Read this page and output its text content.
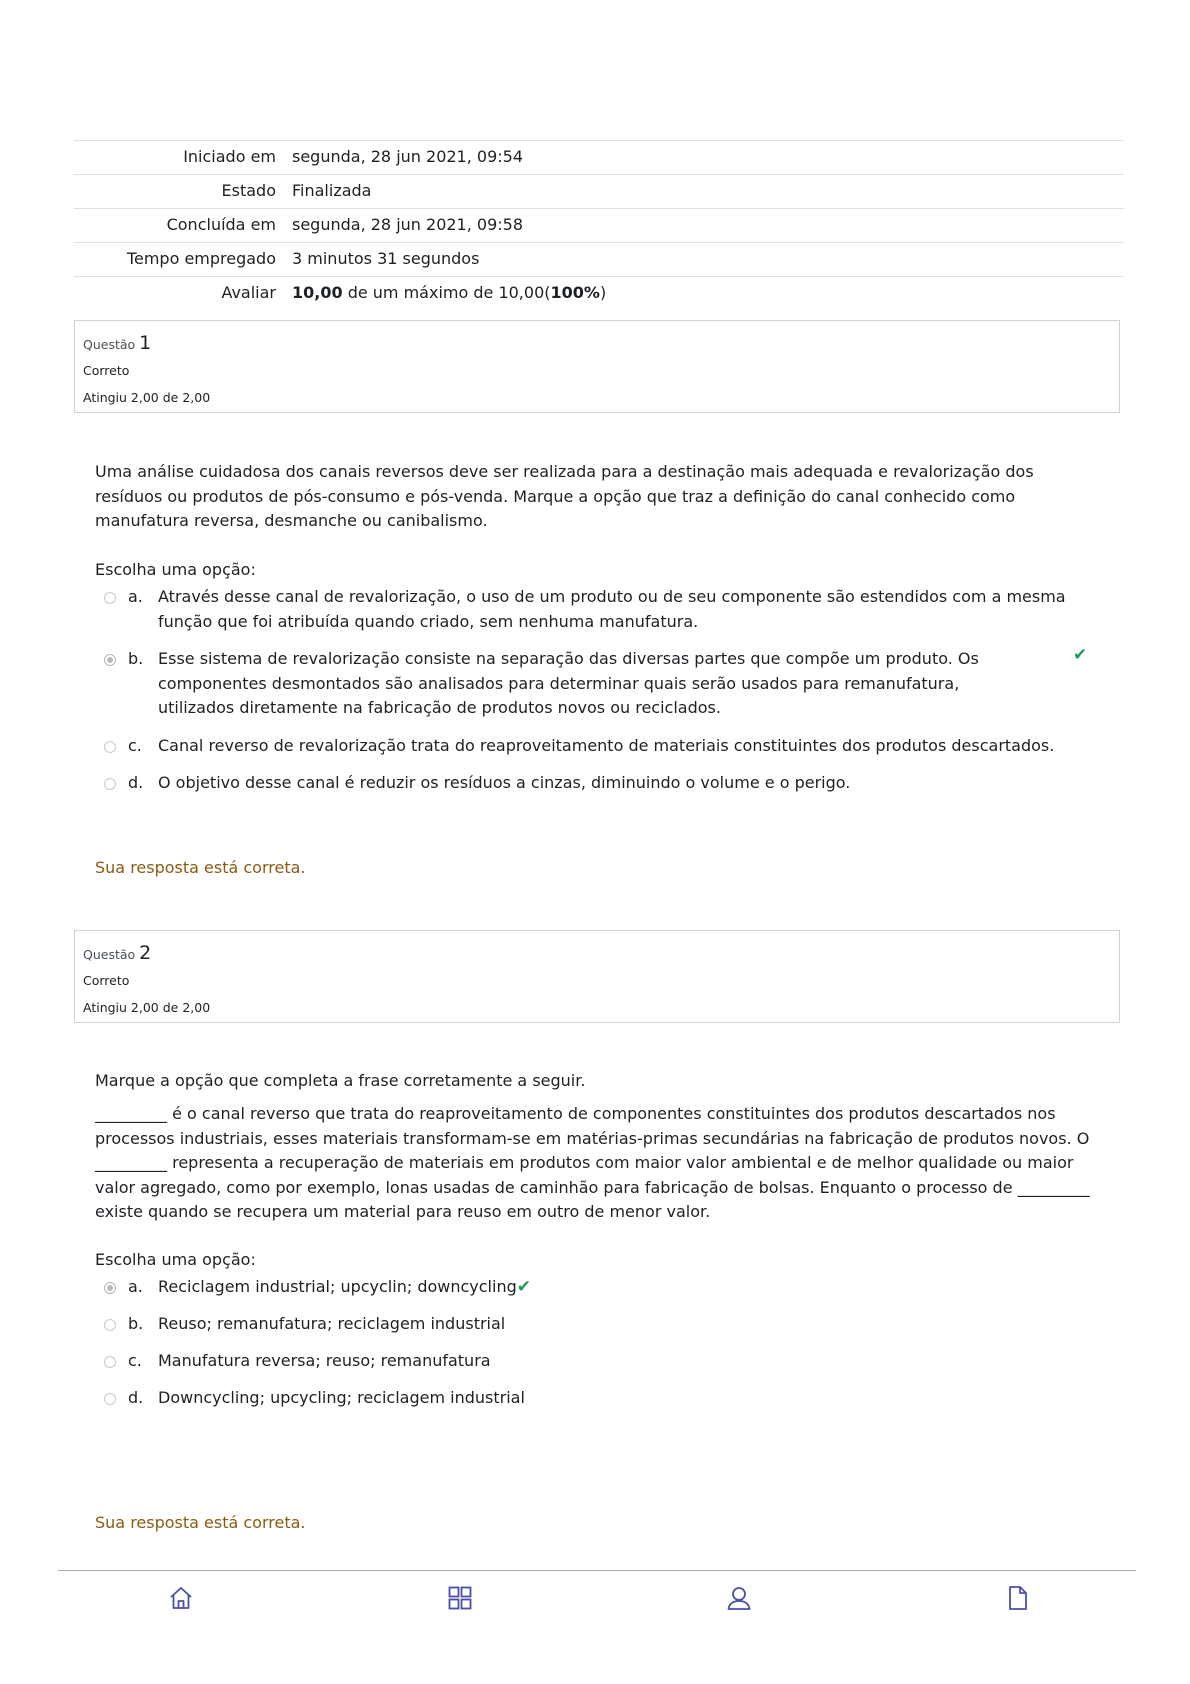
Iniciado em	segunda, 28 jun 2021, 09:54
Estado	Finalizada
Concluída em	segunda, 28 jun 2021, 09:58
Tempo empregado	3 minutos 31 segundos
Avaliar	10,00 de um máximo de 10,00(100%)
Questão 1
Correto
Atingiu 2,00 de 2,00
Uma análise cuidadosa dos canais reversos deve ser realizada para a destinação mais adequada e revalorização dos resíduos ou produtos de pós-consumo e pós-venda. Marque a opção que traz a definição do canal conhecido como manufatura reversa, desmanche ou canibalismo.
Escolha uma opção:
a. Através desse canal de revalorização, o uso de um produto ou de seu componente são estendidos com a mesma função que foi atribuída quando criado, sem nenhuma manufatura.
b. Esse sistema de revalorização consiste na separação das diversas partes que compõe um produto. Os componentes desmontados são analisados para determinar quais serão usados para remanufatura, utilizados diretamente na fabricação de produtos novos ou reciclados.
✔
c.	Canal reverso de revalorização trata do reaproveitamento de materiais constituintes dos produtos descartados.
d. O objetivo desse canal é reduzir os resíduos a cinzas, diminuindo o volume e o perigo.
Sua resposta está correta.
Questão 2
Correto
Atingiu 2,00 de 2,00
Marque a opção que completa a frase corretamente a seguir.
_________ é o canal reverso que trata do reaproveitamento de componentes constituintes dos produtos descartados nos processos industriais, esses materiais transformam-se em matérias-primas secundárias na fabricação de produtos novos. O _________ representa a recuperação de materiais em produtos com maior valor ambiental e de melhor qualidade ou maior valor agregado, como por exemplo, lonas usadas de caminhão para fabricação de bolsas. Enquanto o processo de _________ existe quando se recupera um material para reuso em outro de menor valor.
Escolha uma opção:
a. Reciclagem industrial; upcyclin; downcycling✔
b. Reuso; remanufatura; reciclagem industrial
c.	Manufatura reversa; reuso; remanufatura
d. Downcycling; upcycling; reciclagem industrial
Sua resposta está correta.
